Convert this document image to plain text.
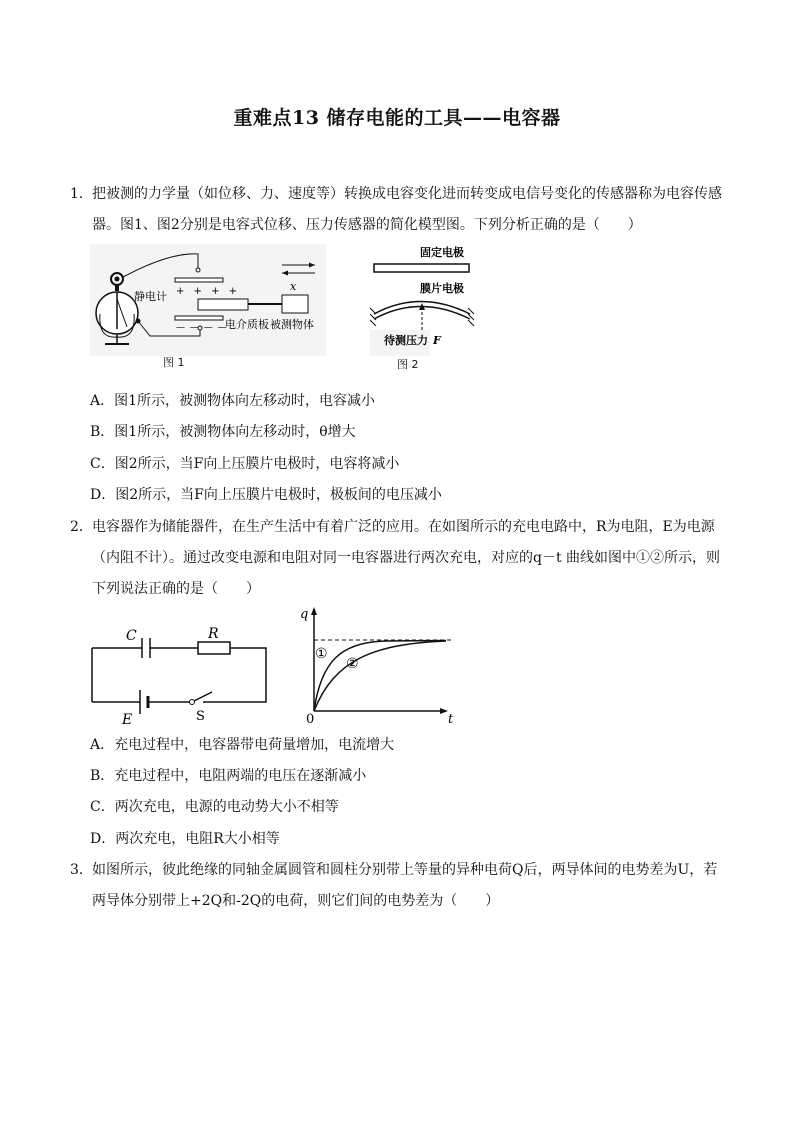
重难点13 储存电能的工具——电容器
1．把被测的力学量（如位移、力、速度等）转换成电容变化进而转变成电信号变化的传感器称为电容传感
器。图1、图2分别是电容式位移、压力传感器的简化模型图。下列分析正确的是（　　）
静电计 + + + +
— — — —
电介质板 被测物体
x
图 1
固定电极
膜片电极
待测压力 F
图 2
A．图1所示，被测物体向左移动时，电容减小
B．图1所示，被测物体向左移动时，θ增大
C．图2所示，当F向上压膜片电极时，电容将减小
D．图2所示，当F向上压膜片电极时，极板间的电压减小
2．电容器作为储能器件，在生产生活中有着广泛的应用。在如图所示的充电电路中，R为电阻，E为电源
（内阻不计）。通过改变电源和电阻对同一电容器进行两次充电，对应的q－t 曲线如图中①②所示，则
下列说法正确的是（　　）
C	R
E	S
q
t
0
①
②
A．充电过程中，电容器带电荷量增加，电流增大
B．充电过程中，电阻两端的电压在逐渐减小
C．两次充电，电源的电动势大小不相等
D．两次充电，电阻R大小相等
3．如图所示，彼此绝缘的同轴金属圆管和圆柱分别带上等量的异种电荷Q后，两导体间的电势差为U，若
两导体分别带上+2Q和-2Q的电荷，则它们间的电势差为（　　）
